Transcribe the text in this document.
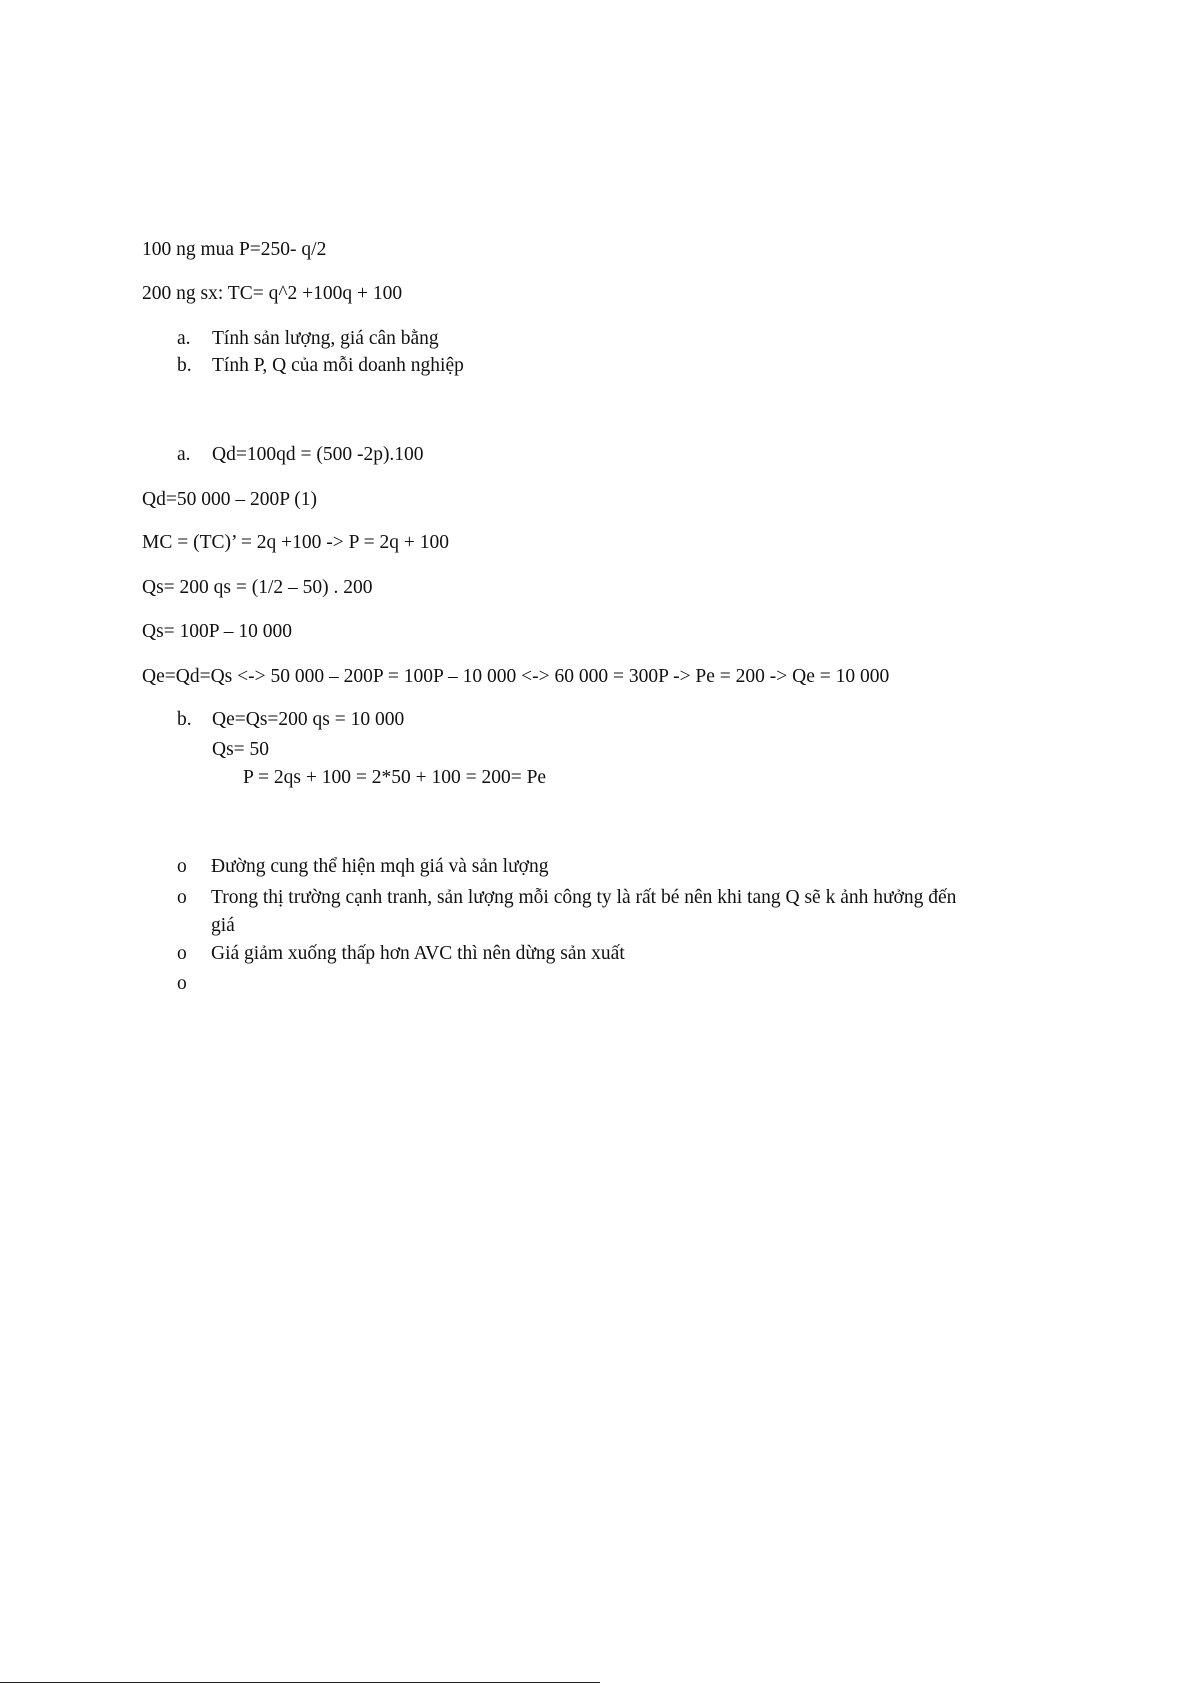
100 ng mua P=250- q/2
200 ng sx: TC= q^2 +100q + 100
a. Tính sản lượng, giá cân bằng
b. Tính P, Q của mỗi doanh nghiệp
a. Qd=100qd = (500 -2p).100
Qd=50 000 – 200P (1)
MC = (TC)’ = 2q +100 -> P = 2q + 100
Qs= 200 qs = (1/2 – 50) . 200
Qs= 100P – 10 000
Qe=Qd=Qs <-> 50 000 – 200P = 100P – 10 000 <-> 60 000 = 300P -> Pe = 200 -> Qe = 10 000
b. Qe=Qs=200 qs = 10 000
Qs= 50
P = 2qs + 100 = 2*50 + 100 = 200= Pe
o Đường cung thể hiện mqh giá và sản lượng
o Trong thị trường cạnh tranh, sản lượng mỗi công ty là rất bé nên khi tang Q sẽ k ảnh hưởng đến
giá
o Giá giảm xuống thấp hơn AVC thì nên dừng sản xuất
o
